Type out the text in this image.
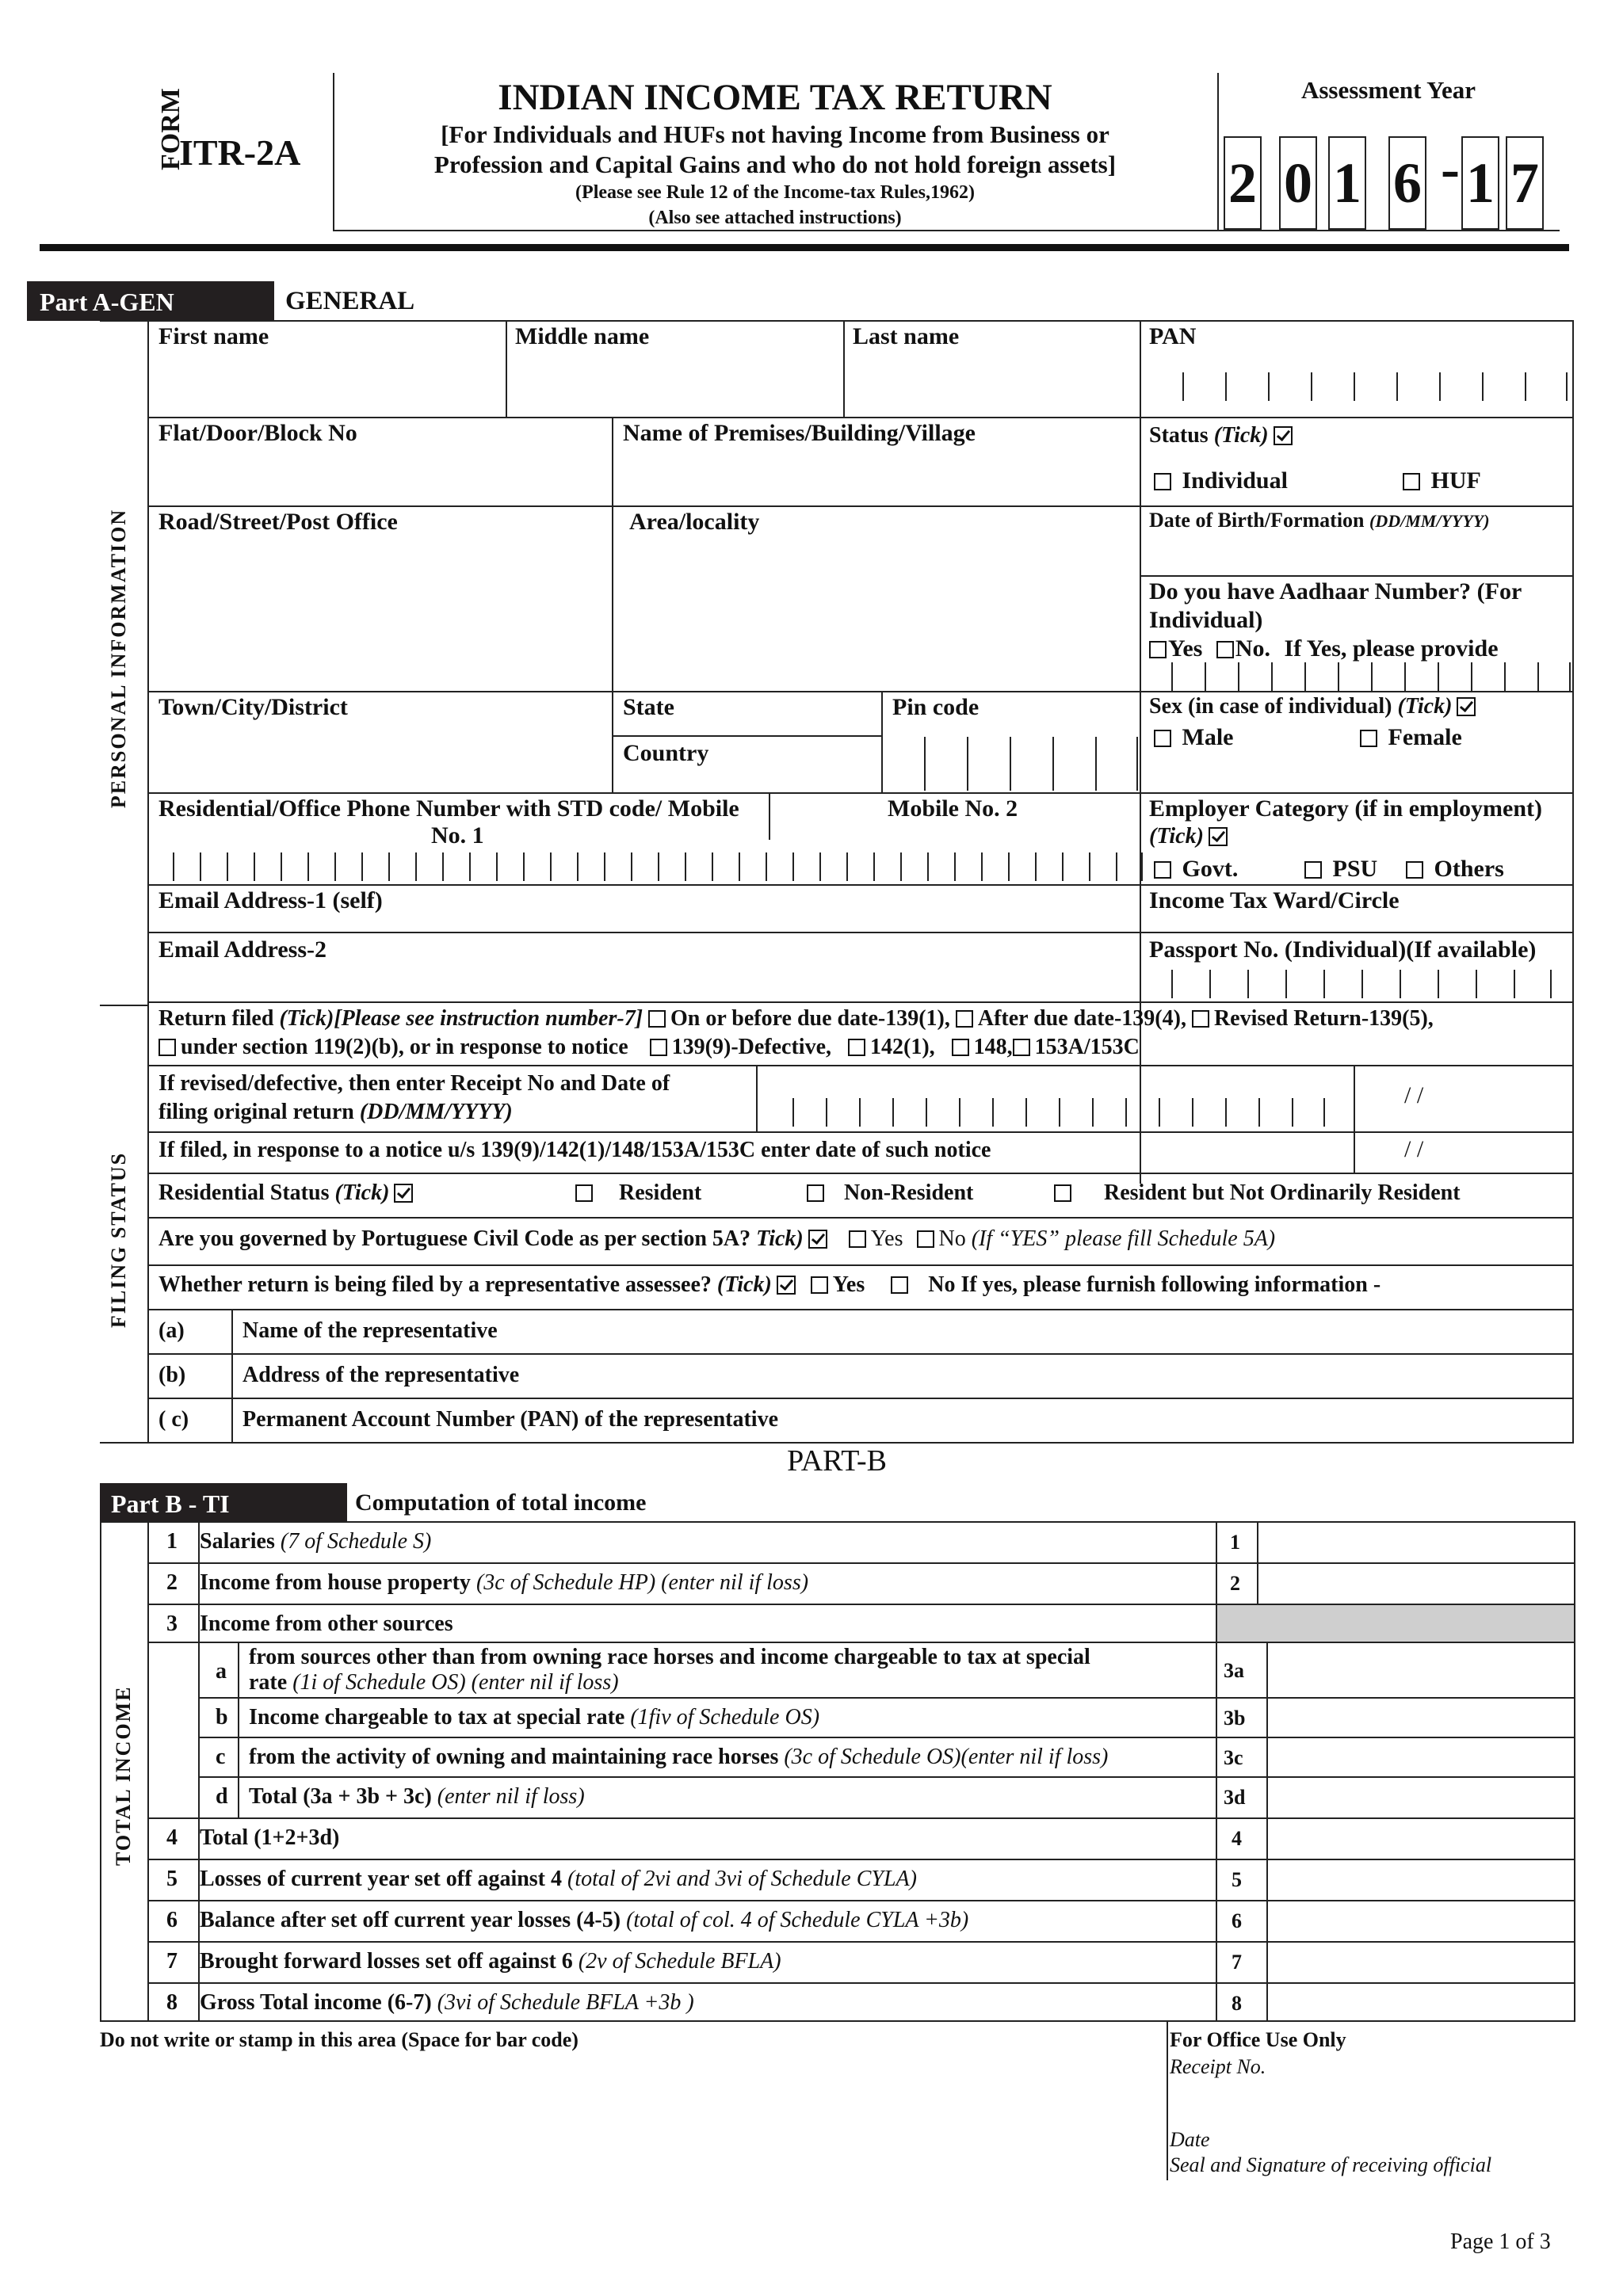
FORM
ITR-2A
INDIAN INCOME TAX RETURN
[For Individuals and HUFs not having Income from Business or
Profession and Capital Gains and who do not hold foreign assets]
(Please see Rule 12 of the Income-tax Rules,1962)
(Also see attached instructions)
Assessment Year
2 0 1 6 - 1 7
Part A-GEN	GENERAL
PERSONAL INFORMATION
FILING STATUS
First name	Middle name	Last name	PAN
Flat/Door/Block No	Name of Premises/Building/Village	Status (Tick)
Individual	HUF
Road/Street/Post Office	Area/locality	Date of Birth/Formation (DD/MM/YYYY)
Do you have Aadhaar Number? (For
Individual)
Yes No. If Yes, please provide
Town/City/District	State
Country
Pin code	Sex (in case of individual) (Tick)
Male	Female
Residential/Office Phone Number with STD code/ Mobile
No. 1
Mobile No. 2	Employer Category (if in employment)
(Tick)
Govt.	PSU	Others
Email Address-1 (self)	Income Tax Ward/Circle
Email Address-2	Passport No. (Individual)(If available)
Return filed (Tick)[Please see instruction number-7] On or before due date-139(1), After due date-139(4), Revised Return-139(5),
under section 119(2)(b), or in response to notice 139(9)-Defective, 142(1), 148, 153A/153C
If revised/defective, then enter Receipt No and Date of
filing original return (DD/MM/YYYY)
/ /
If filed, in response to a notice u/s 139(9)/142(1)/148/153A/153C enter date of such notice	/ /
Residential Status (Tick)	Resident	Non-Resident	Resident but Not Ordinarily Resident
Are you governed by Portuguese Civil Code as per section 5A? Tick)	Yes No (If “YES” please fill Schedule 5A)
Whether return is being filed by a representative assessee? (Tick)	Yes	No If yes, please furnish following information -
(a)	Name of the representative
(b)	Address of the representative
( c) Permanent Account Number (PAN) of the representative
PART-B
Part B - TI	Computation of total income
TOTAL INCOME
1 Salaries (7 of Schedule S)	1
2 Income from house property (3c of Schedule HP) (enter nil if loss)	2
3 Income from other sources
a
from sources other than from owning race horses and income chargeable to tax at special
rate (1i of Schedule OS) (enter nil if loss)	3a
b Income chargeable to tax at special rate (1fiv of Schedule OS)	3b
c from the activity of owning and maintaining race horses (3c of Schedule OS)(enter nil if loss)	3c
d Total (3a + 3b + 3c) (enter nil if loss)	3d
4 Total (1+2+3d)	4
5 Losses of current year set off against 4 (total of 2vi and 3vi of Schedule CYLA)	5
6 Balance after set off current year losses (4-5) (total of col. 4 of Schedule CYLA +3b)	6
7 Brought forward losses set off against 6 (2v of Schedule BFLA)	7
8 Gross Total income (6-7) (3vi of Schedule BFLA +3b )	8
Do not write or stamp in this area (Space for bar code)	For Office Use Only
Receipt No.
Date
Seal and Signature of receiving official
Page 1 of 3
